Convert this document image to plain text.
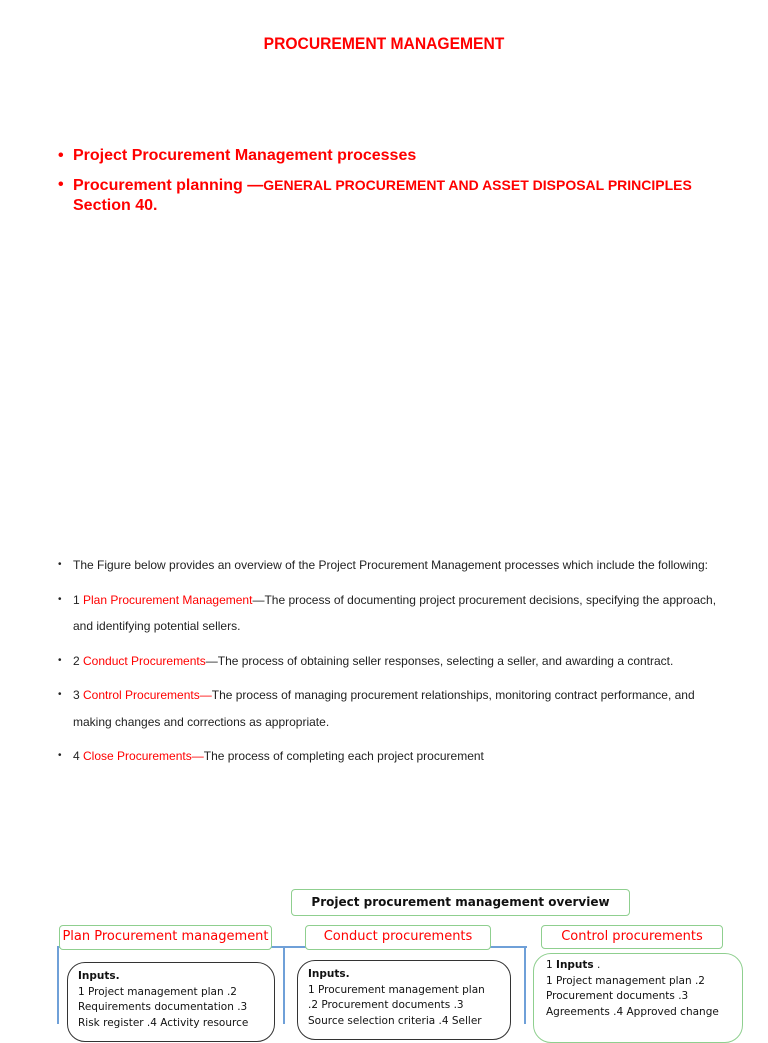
PROCUREMENT MANAGEMENT
• Project Procurement Management processes
• Procurement planning —GENERAL PROCUREMENT AND ASSET DISPOSAL PRINCIPLES
Section 40.
• The Figure below provides an overview of the Project Procurement Management processes which include the following:
• 1 Plan Procurement Management—The process of documenting project procurement decisions, specifying the approach, and identifying potential sellers.
• 2 Conduct Procurements—The process of obtaining seller responses, selecting a seller, and awarding a contract.
• 3 Control Procurements—The process of managing procurement relationships, monitoring contract performance, and making changes and corrections as appropriate.
• 4 Close Procurements—The process of completing each project procurement
Project procurement management overview
Plan Procurement management	Conduct procurements	Control procurements
Inputs.
1 Project management plan .2
Requirements documentation .3
Risk register .4 Activity resource
Inputs.
1 Procurement management plan
.2 Procurement documents .3
Source selection criteria .4 Seller
1 Inputs .
1 Project management plan .2
Procurement documents .3
Agreements .4 Approved change
